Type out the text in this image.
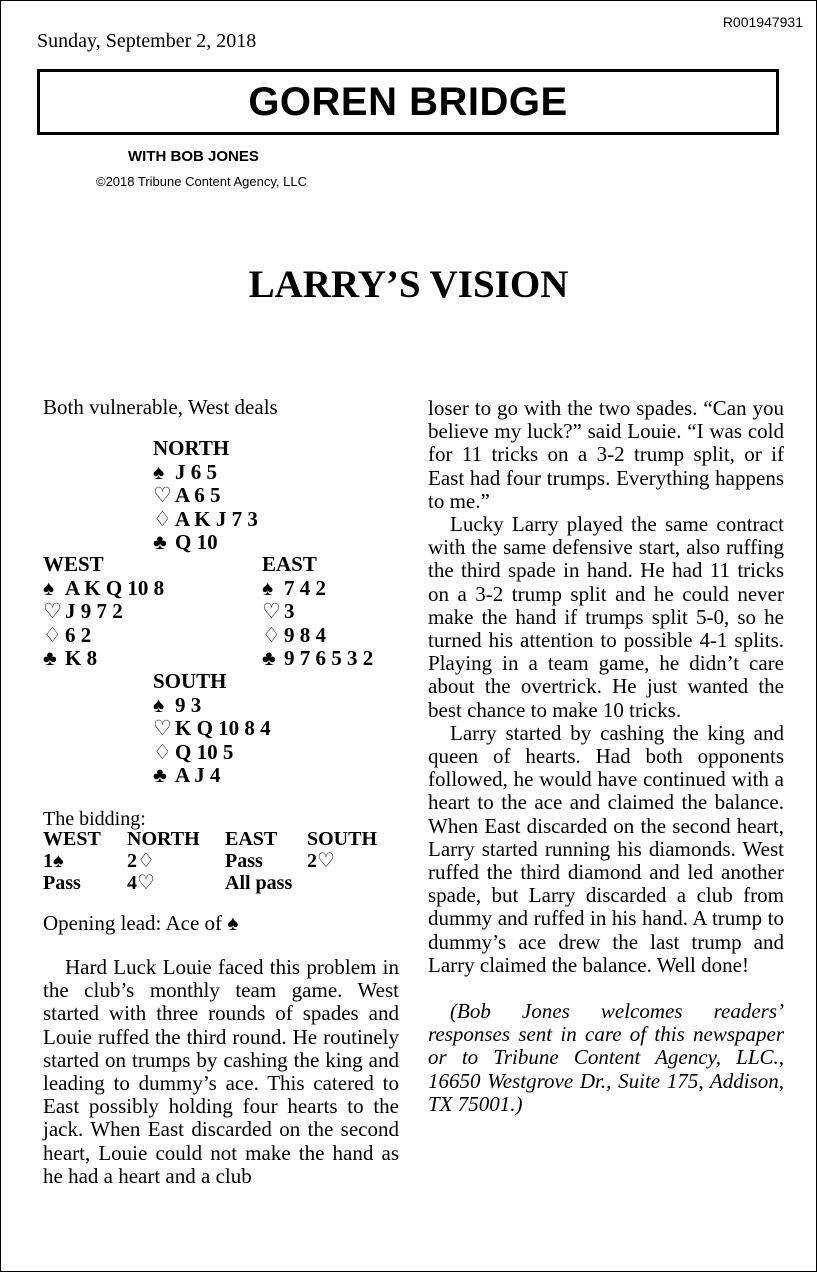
R001947931
Sunday, September 2, 2018
GOREN BRIDGE
WITH BOB JONES
©2018 Tribune Content Agency, LLC
LARRY’S VISION
Both vulnerable, West deals
NORTH
♠ J 6 5
♡ A 6 5
♢ A K J 7 3
♣ Q 10
WEST
♠ A K Q 10 8
♡ J 9 7 2
♢ 6 2
♣ K 8
EAST
♠ 7 4 2
♡ 3
♢ 9 8 4
♣ 9 7 6 5 3 2
SOUTH
♠ 9 3
♡ K Q 10 8 4
♢ Q 10 5
♣ A J 4
The bidding:
WEST	NORTH	EAST	SOUTH
1♠	2♢	Pass	2♡
Pass	4♡	All pass	
Opening lead: Ace of ♠

Hard Luck Louie faced this problem in the club’s monthly team game. West started with three rounds of spades and Louie ruffed the third round. He routinely started on trumps by cashing the king and leading to dummy’s ace. This catered to East possibly holding four hearts to the jack. When East discarded on the second heart, Louie could not make the hand as he had a heart and a club

loser to go with the two spades. “Can you believe my luck?” said Louie. “I was cold for 11 tricks on a 3-2 trump split, or if East had four trumps. Everything happens to me.”

Lucky Larry played the same contract with the same defensive start, also ruffing the third spade in hand. He had 11 tricks on a 3-2 trump split and he could never make the hand if trumps split 5-0, so he turned his attention to possible 4-1 splits. Playing in a team game, he didn’t care about the overtrick. He just wanted the best chance to make 10 tricks.

Larry started by cashing the king and queen of hearts. Had both opponents followed, he would have continued with a heart to the ace and claimed the balance. When East discarded on the second heart, Larry started running his diamonds. West ruffed the third diamond and led another spade, but Larry discarded a club from dummy and ruffed in his hand. A trump to dummy’s ace drew the last trump and Larry claimed the balance. Well done!

(Bob Jones welcomes readers’ responses sent in care of this newspaper or to Tribune Content Agency, LLC., 16650 Westgrove Dr., Suite 175, Addison, TX 75001.)
